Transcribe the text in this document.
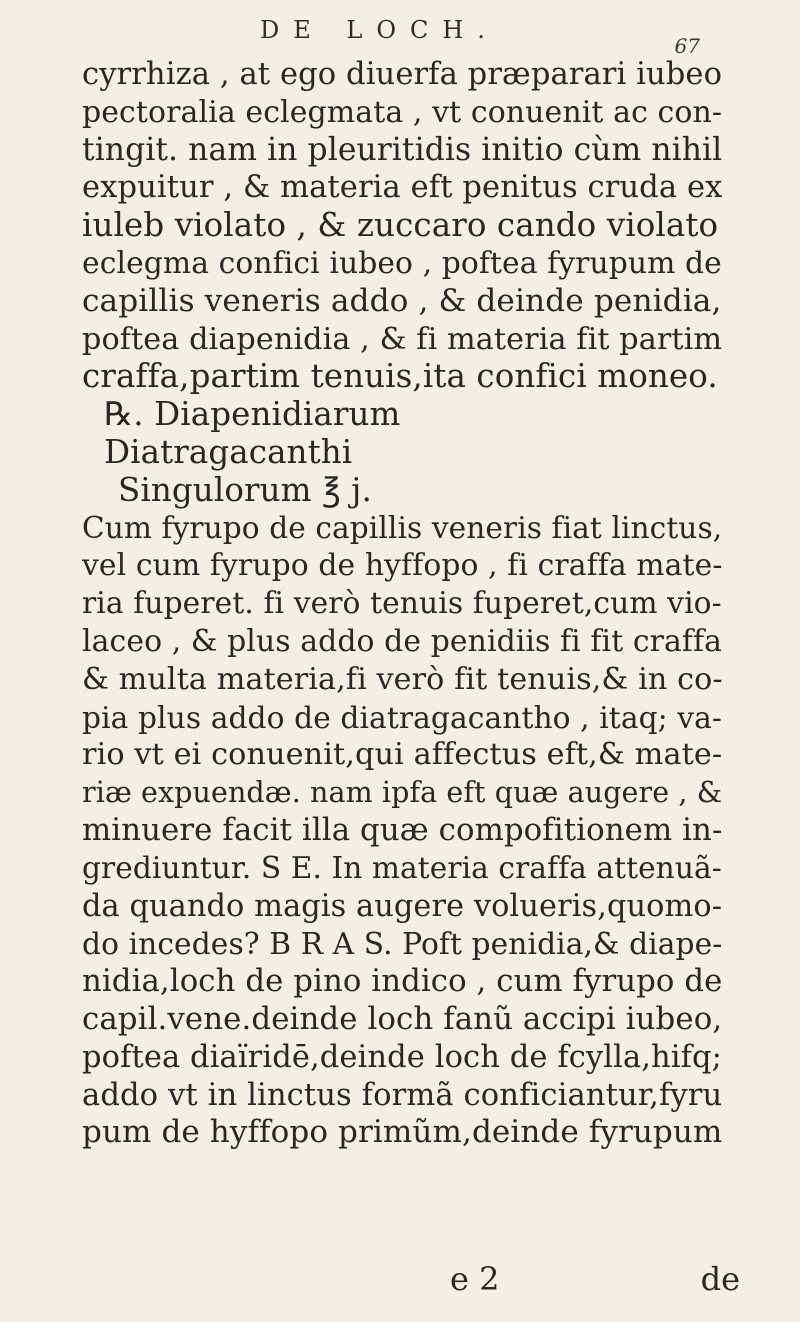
DE LOCH.
67
cyrrhiza , at ego diuerfa præparari iubeo
pectoralia eclegmata , vt conuenit ac con-
tingit. nam in pleuritidis initio cùm nihil
expuitur , & materia eft penitus cruda ex
iuleb violato , & zuccaro cando violato
eclegma confici iubeo , poftea fyrupum de
capillis veneris addo , & deinde penidia,
poftea diapenidia , & fi materia fit partim
craffa,partim tenuis,ita confici moneo.
℞. Diapenidiarum
Diatragacanthi
Singulorum ℥ j.
Cum fyrupo de capillis veneris fiat linctus,
vel cum fyrupo de hyffopo , fi craffa mate-
ria fuperet. fi verò tenuis fuperet,cum vio-
laceo , & plus addo de penidiis fi fit craffa
& multa materia,fi verò fit tenuis,& in co-
pia plus addo de diatragacantho , itaq; va-
rio vt ei conuenit,qui affectus eft,& mate-
riæ expuendæ. nam ipfa eft quæ augere , &
minuere facit illa quæ compofitionem in-
grediuntur. S E. In materia craffa attenuã-
da quando magis augere volueris,quomo-
do incedes? B R A S. Poft penidia,& diape-
nidia,loch de pino indico , cum fyrupo de
capil.vene.deinde loch fanũ accipi iubeo,
poftea diaïridē,deinde loch de fcylla,hifq;
addo vt in linctus formã conficiantur,fyru
pum de hyffopo primũm,deinde fyrupum
e 2	de
